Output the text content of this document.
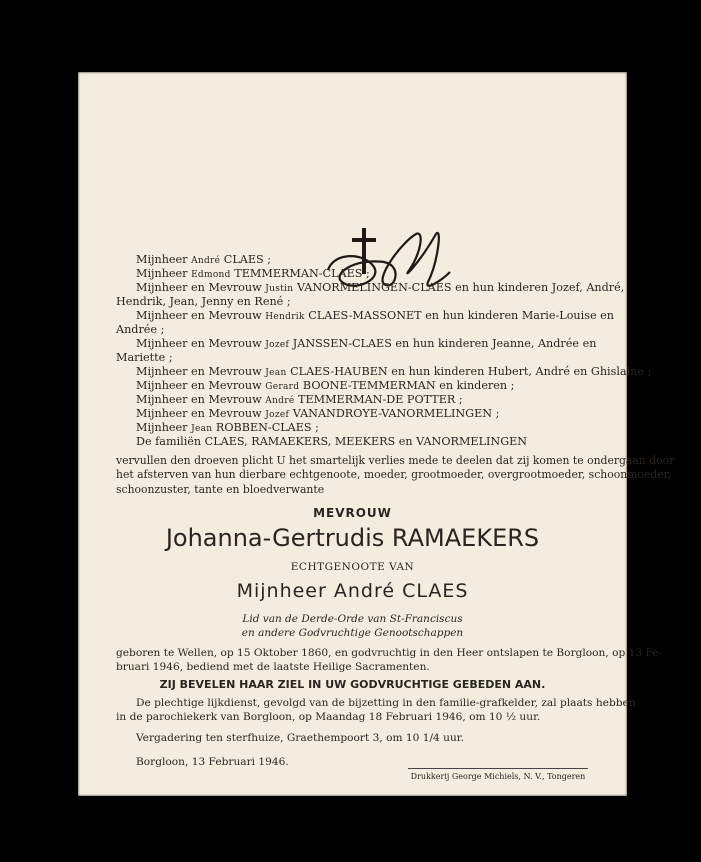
Mijnheer André CLAES ;
Mijnheer Edmond TEMMERMAN-CLAES ;
Mijnheer en Mevrouw Justin VANORMELINGEN-CLAES en hun kinderen Jozef, André,
Hendrik, Jean, Jenny en René ;
Mijnheer en Mevrouw Hendrik CLAES-MASSONET en hun kinderen Marie-Louise en
Andrée ;
Mijnheer en Mevrouw Jozef JANSSEN-CLAES en hun kinderen Jeanne, Andrée en
Mariette ;
Mijnheer en Mevrouw Jean CLAES-HAUBEN en hun kinderen Hubert, André en Ghislaine ;
Mijnheer en Mevrouw Gerard BOONE-TEMMERMAN en kinderen ;
Mijnheer en Mevrouw André TEMMERMAN-DE POTTER ;
Mijnheer en Mevrouw Jozef VANANDROYE-VANORMELINGEN ;
Mijnheer Jean ROBBEN-CLAES ;
De familiën CLAES, RAMAEKERS, MEEKERS en VANORMELINGEN
vervullen den droeven plicht U het smartelijk verlies mede te deelen dat zij komen te ondergaan door
het afsterven van hun dierbare echtgenoote, moeder, grootmoeder, overgrootmoeder, schoonmoeder,
schoonzuster, tante en bloedverwante
MEVROUW
Johanna-Gertrudis RAMAEKERS
ECHTGENOOTE VAN
Mijnheer André CLAES
Lid van de Derde-Orde van St-Franciscus
en andere Godvruchtige Genootschappen
geboren te Wellen, op 15 Oktober 1860, en godvruchtig in den Heer ontslapen te Borgloon, op 13 Fe-
bruari 1946, bediend met de laatste Heilige Sacramenten.
ZIJ BEVELEN HAAR ZIEL IN UW GODVRUCHTIGE GEBEDEN AAN.
De plechtige lijkdienst, gevolgd van de bijzetting in den familie-grafkelder, zal plaats hebben
in de parochiekerk van Borgloon, op Maandag 18 Februari 1946, om 10 ½ uur.
Vergadering ten sterfhuize, Graethempoort 3, om 10 1/4 uur.
Borgloon, 13 Februari 1946.
Drukkerij George Michiels, N. V., Tongeren
